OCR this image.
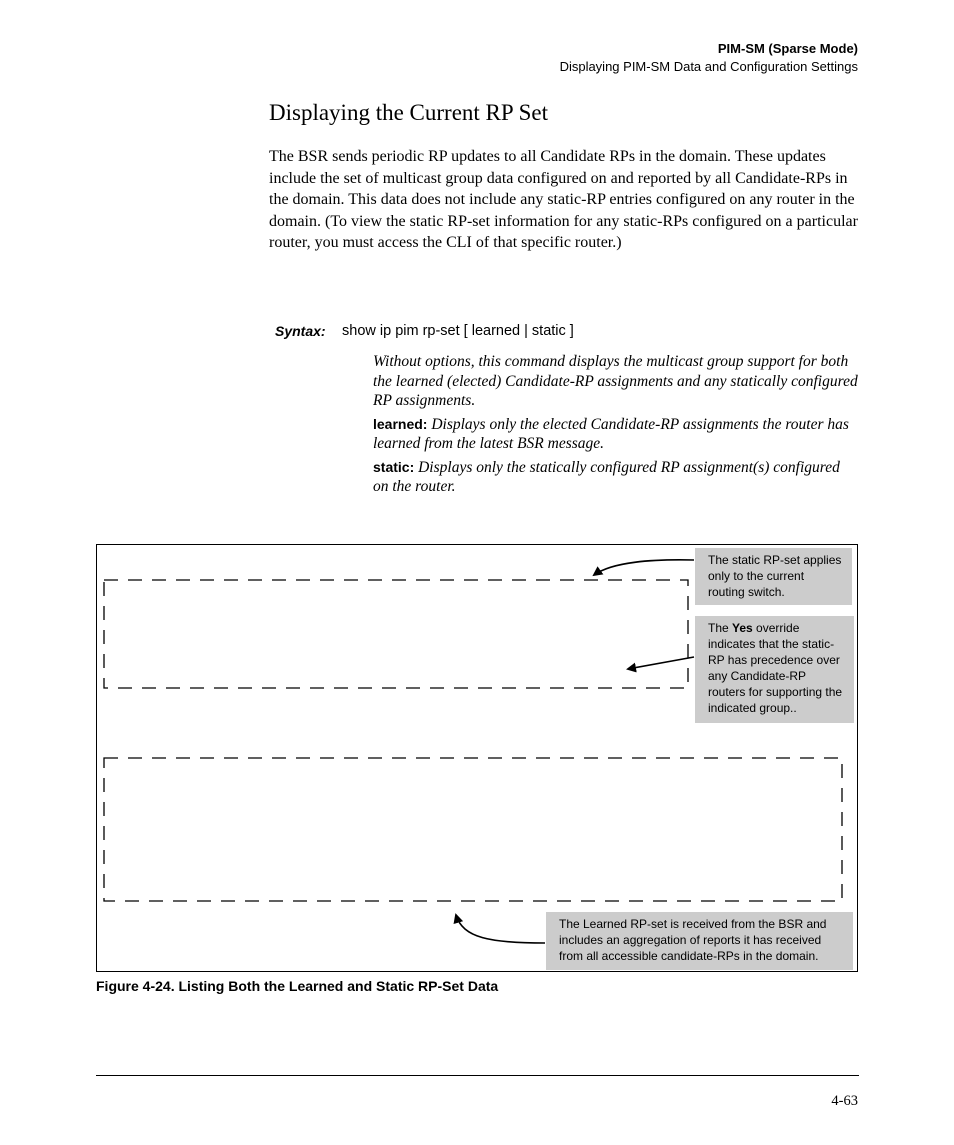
PIM-SM (Sparse Mode)
Displaying PIM-SM Data and Configuration Settings
Displaying the Current RP Set

The BSR sends periodic RP updates to all Candidate RPs in the domain. These updates include the set of multicast group data configured on and reported by all Candidate-RPs in the domain. This data does not include any static-RP entries configured on any router in the domain. (To view the static RP-set information for any static-RPs configured on a particular router, you must access the CLI of that specific router.)

Syntax: show ip pim rp-set [ learned | static ]

Without options, this command displays the multicast group support for both the learned (elected) Candidate-RP assignments and any statically configured RP assignments.

learned: Displays only the elected Candidate-RP assignments the router has learned from the latest BSR message.

static: Displays only the statically configured RP assignment(s) configured on the router.

The static RP-set applies only to the current routing switch.
The Yes override indicates that the static-RP has precedence over any Candidate-RP routers for supporting the indicated group..
The Learned RP-set is received from the BSR and includes an aggregation of reports it has received from all accessible candidate-RPs in the domain.
Figure 4-24. Listing Both the Learned and Static RP-Set Data
4-63
